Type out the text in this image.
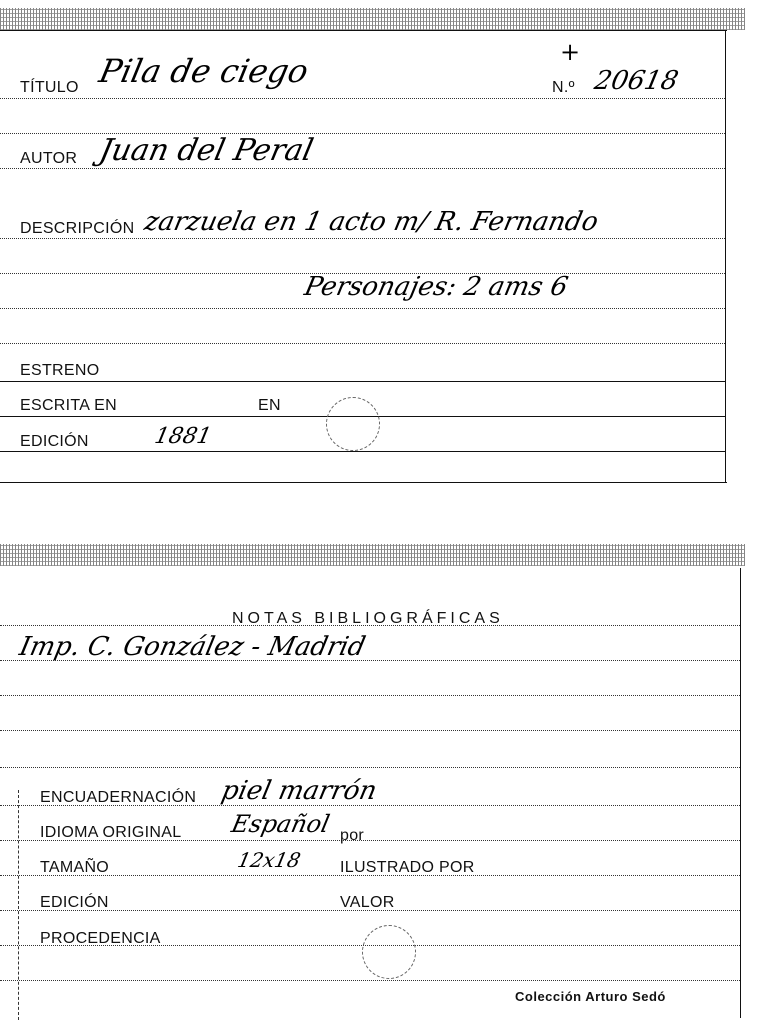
TÍTULO Pila de ciego	+
N.º 20618
AUTOR Juan del Peral
DESCRIPCIÓN zarzuela en 1 acto m/ R. Fernando
Personajes: 2 ams 6
ESTRENO
ESCRITA EN	EN
EDICIÓN	1881
NOTAS BIBLIOGRÁFICAS
Imp. C. González - Madrid
ENCUADERNACIÓN piel marrón
IDIOMA ORIGINAL Español por
TAMAÑO	12x18 ILUSTRADO POR
EDICIÓN	VALOR
PROCEDENCIA
Colección Arturo Sedó
